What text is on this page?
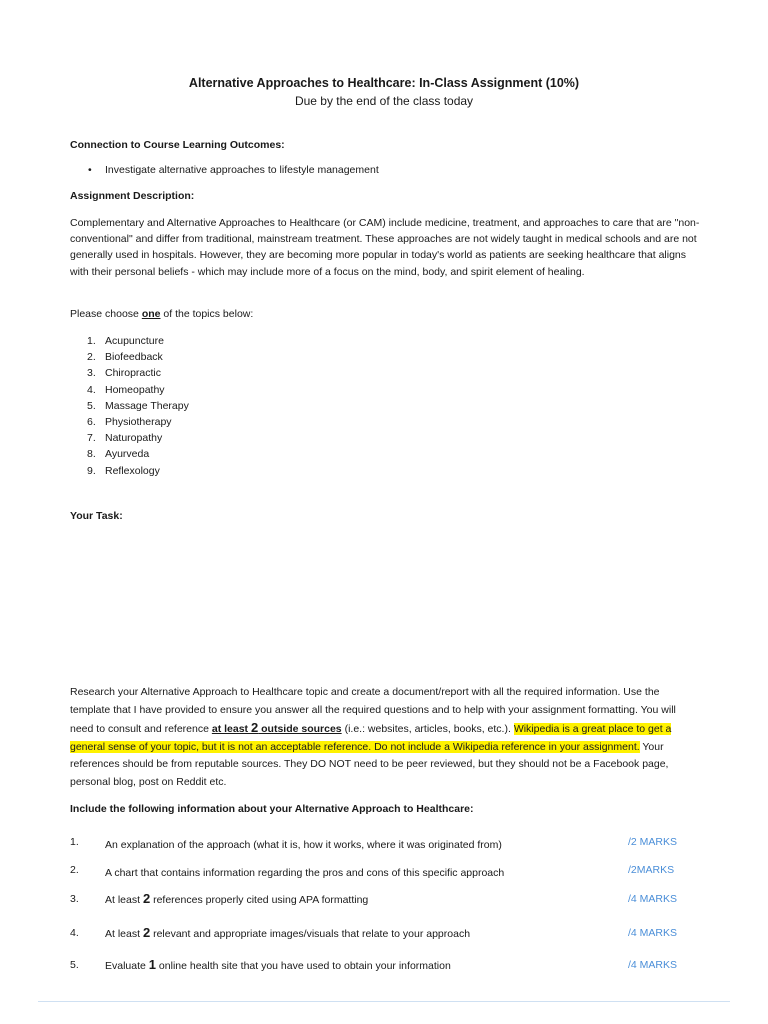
Alternative Approaches to Healthcare: In-Class Assignment (10%)
Due by the end of the class today
Connection to Course Learning Outcomes:
• Investigate alternative approaches to lifestyle management
Assignment Description:
Complementary and Alternative Approaches to Healthcare (or CAM) include medicine, treatment, and approaches to care that are "non-conventional" and differ from traditional, mainstream treatment. These approaches are not widely taught in medical schools and are not generally used in hospitals. However, they are becoming more popular in today's world as patients are seeking healthcare that aligns with their personal beliefs - which may include more of a focus on the mind, body, and spirit element of healing.
Please choose one of the topics below:
1. Acupuncture
2. Biofeedback
3. Chiropractic
4. Homeopathy
5. Massage Therapy
6. Physiotherapy
7. Naturopathy
8. Ayurveda
9. Reflexology
Your Task:
Research your Alternative Approach to Healthcare topic and create a document/report with all the required information. Use the template that I have provided to ensure you answer all the required questions and to help with your assignment formatting. You will need to consult and reference at least 2 outside sources (i.e.: websites, articles, books, etc.). Wikipedia is a great place to get a general sense of your topic, but it is not an acceptable reference. Do not include a Wikipedia reference in your assignment. Your references should be from reputable sources. They DO NOT need to be peer reviewed, but they should not be a Facebook page, personal blog, post on Reddit etc.
Include the following information about your Alternative Approach to Healthcare:
1. An explanation of the approach (what it is, how it works, where it was originated from)	/2 MARKS
2. A chart that contains information regarding the pros and cons of this specific approach	/2MARKS
3. At least 2 references properly cited using APA formatting	/4 MARKS
4. At least 2 relevant and appropriate images/visuals that relate to your approach	/4 MARKS
5. Evaluate 1 online health site that you have used to obtain your information	/4 MARKS
